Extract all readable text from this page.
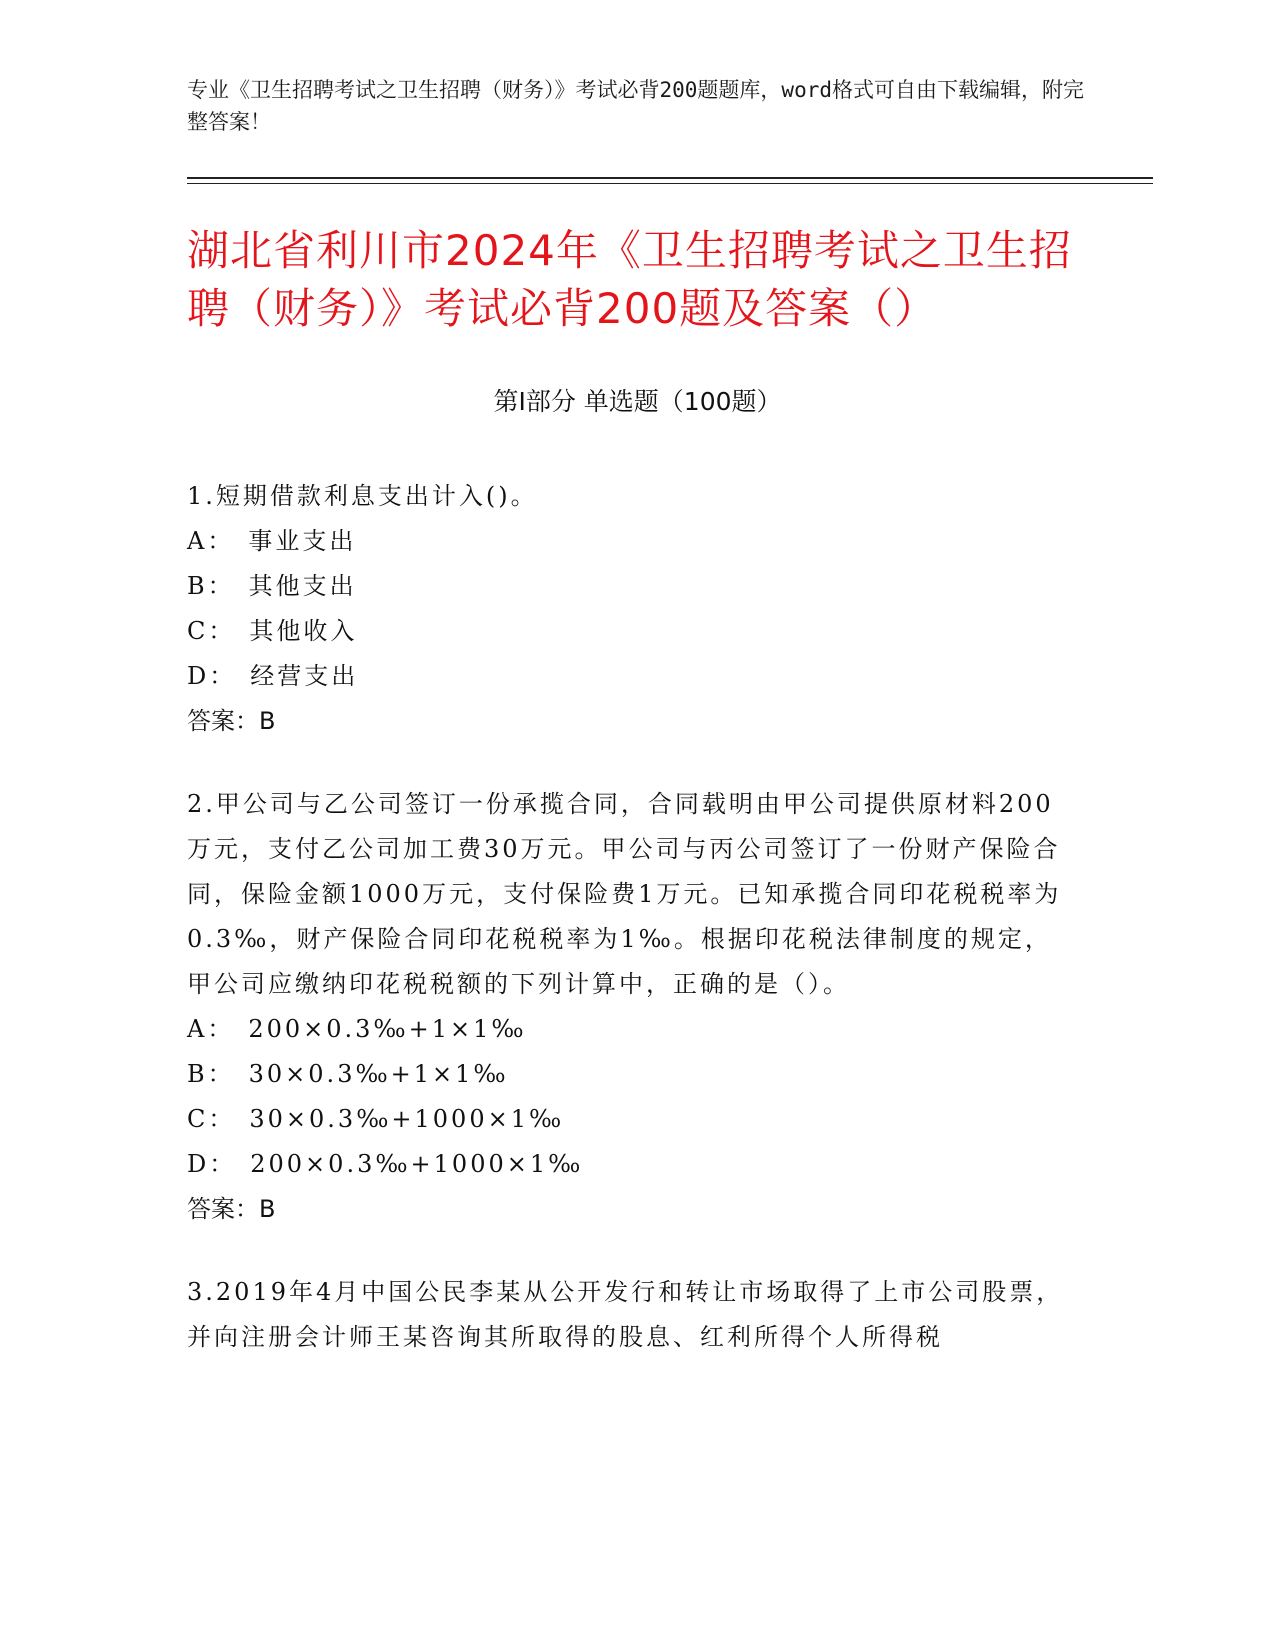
专业《卫生招聘考试之卫生招聘（财务）》考试必背200题题库，word格式可自由下载编辑，附完整答案！
湖北省利川市2024年《卫生招聘考试之卫生招聘（财务）》考试必背200题及答案（）
第Ⅰ部分 单选题（100题）
1.短期借款利息支出计入()。
A： 事业支出
B： 其他支出
C： 其他收入
D： 经营支出
答案：B
2.甲公司与乙公司签订一份承揽合同，合同载明由甲公司提供原材料200万元，支付乙公司加工费30万元。甲公司与丙公司签订了一份财产保险合同，保险金额1000万元，支付保险费1万元。已知承揽合同印花税税率为0.3‰，财产保险合同印花税税率为1‰。根据印花税法律制度的规定，甲公司应缴纳印花税税额的下列计算中，正确的是（）。
A： 200×0.3‰+1×1‰
B： 30×0.3‰+1×1‰
C： 30×0.3‰+1000×1‰
D： 200×0.3‰+1000×1‰
答案：B
3.2019年4月中国公民李某从公开发行和转让市场取得了上市公司股票，并向注册会计师王某咨询其所取得的股息、红利所得个人所得税
